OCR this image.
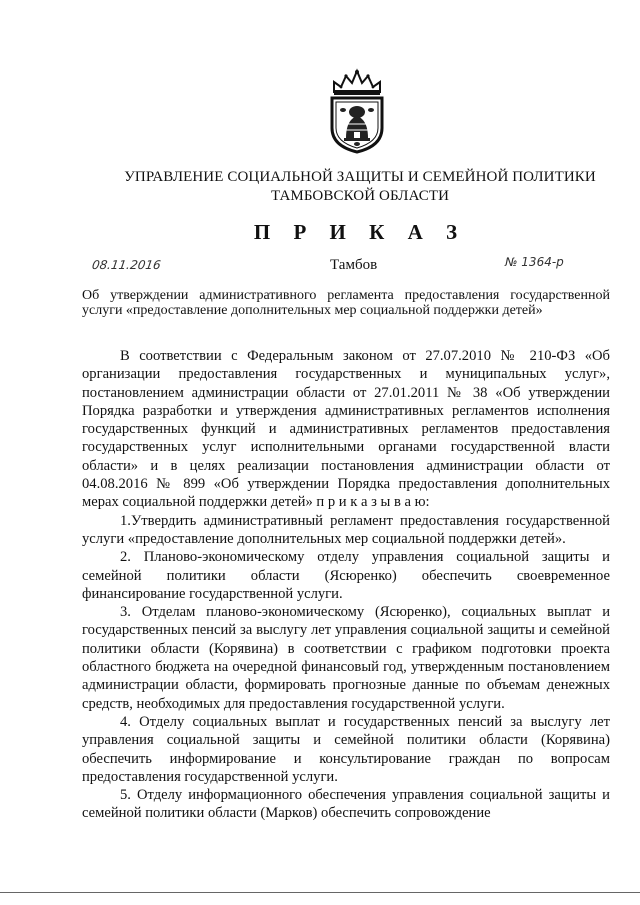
УПРАВЛЕНИЕ СОЦИАЛЬНОЙ ЗАЩИТЫ И СЕМЕЙНОЙ ПОЛИТИКИ
ТАМБОВСКОЙ ОБЛАСТИ
П Р И К А З
08.11.2016	Тамбов	№ 1364-р
Об утверждении административного регламента предоставления государственной услуги «предоставление дополнительных мер социальной поддержки детей»

В соответствии с Федеральным законом от 27.07.2010 № 210-ФЗ «Об организации предоставления государственных и муниципальных услуг», постановлением администрации области от 27.01.2011 № 38 «Об утверждении Порядка разработки и утверждения административных регламентов исполнения государственных функций и административных регламентов предоставления государственных услуг исполнительными органами государственной власти области» и в целях реализации постановления администрации области от 04.08.2016 № 899 «Об утверждении Порядка предоставления дополнительных мерах социальной поддержки детей» п р и к а з ы в а ю:

1.Утвердить административный регламент предоставления государственной услуги «предоставление дополнительных мер социальной поддержки детей».

2. Планово-экономическому отделу управления социальной защиты и семейной политики области (Ясюренко) обеспечить своевременное финансирование государственной услуги.

3. Отделам планово-экономическому (Ясюренко), социальных выплат и государственных пенсий за выслугу лет управления социальной защиты и семейной политики области (Корявина) в соответствии с графиком подготовки проекта областного бюджета на очередной финансовый год, утвержденным постановлением администрации области, формировать прогнозные данные по объемам денежных средств, необходимых для предоставления государственной услуги.

4. Отделу социальных выплат и государственных пенсий за выслугу лет управления социальной защиты и семейной политики области (Корявина) обеспечить информирование и консультирование граждан по вопросам предоставления государственной услуги.

5. Отделу информационного обеспечения управления социальной защиты и семейной политики области (Марков) обеспечить сопровождение
